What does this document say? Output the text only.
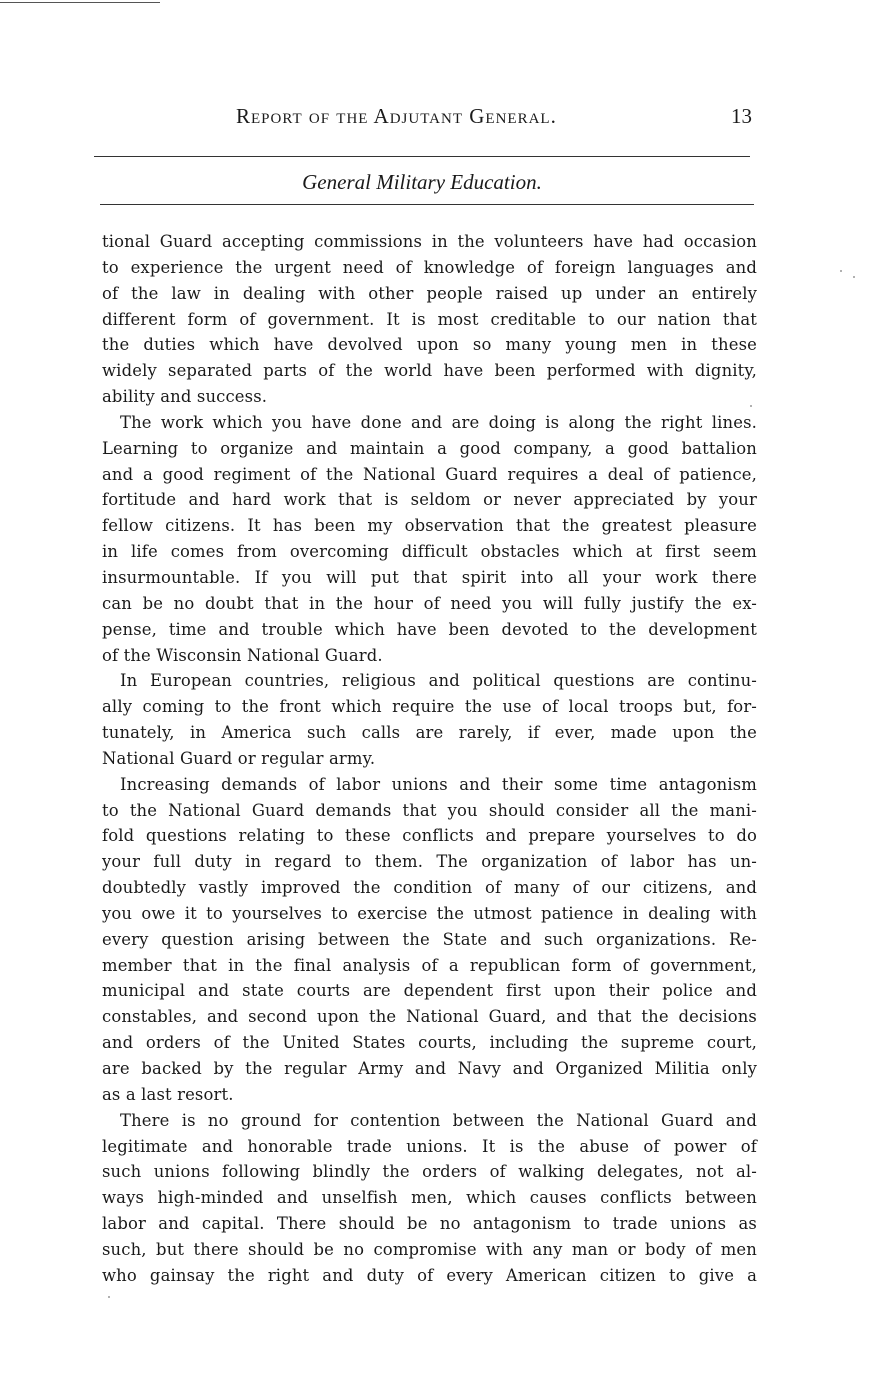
Report of the Adjutant General.	13
General Military Education.

tional Guard accepting commissions in the volunteers have had occasion

to experience the urgent need of knowledge of foreign languages and

of the law in dealing with other people raised up under an entirely

different form of government. It is most creditable to our nation that

the duties which have devolved upon so many young men in these

widely separated parts of the world have been performed with dignity,

ability and success.

The work which you have done and are doing is along the right lines.

Learning to organize and maintain a good company, a good battalion

and a good regiment of the National Guard requires a deal of patience,

fortitude and hard work that is seldom or never appreciated by your

fellow citizens. It has been my observation that the greatest pleasure

in life comes from overcoming difficult obstacles which at first seem

insurmountable. If you will put that spirit into all your work there

can be no doubt that in the hour of need you will fully justify the ex-

pense, time and trouble which have been devoted to the development

of the Wisconsin National Guard.

In European countries, religious and political questions are continu-

ally coming to the front which require the use of local troops but, for-

tunately, in America such calls are rarely, if ever, made upon the

National Guard or regular army.

Increasing demands of labor unions and their some time antagonism

to the National Guard demands that you should consider all the mani-

fold questions relating to these conflicts and prepare yourselves to do

your full duty in regard to them. The organization of labor has un-

doubtedly vastly improved the condition of many of our citizens, and

you owe it to yourselves to exercise the utmost patience in dealing with

every question arising between the State and such organizations. Re-

member that in the final analysis of a republican form of government,

municipal and state courts are dependent first upon their police and

constables, and second upon the National Guard, and that the decisions

and orders of the United States courts, including the supreme court,

are backed by the regular Army and Navy and Organized Militia only

as a last resort.

There is no ground for contention between the National Guard and

legitimate and honorable trade unions. It is the abuse of power of

such unions following blindly the orders of walking delegates, not al-

ways high-minded and unselfish men, which causes conflicts between

labor and capital. There should be no antagonism to trade unions as

such, but there should be no compromise with any man or body of men

who gainsay the right and duty of every American citizen to give a
